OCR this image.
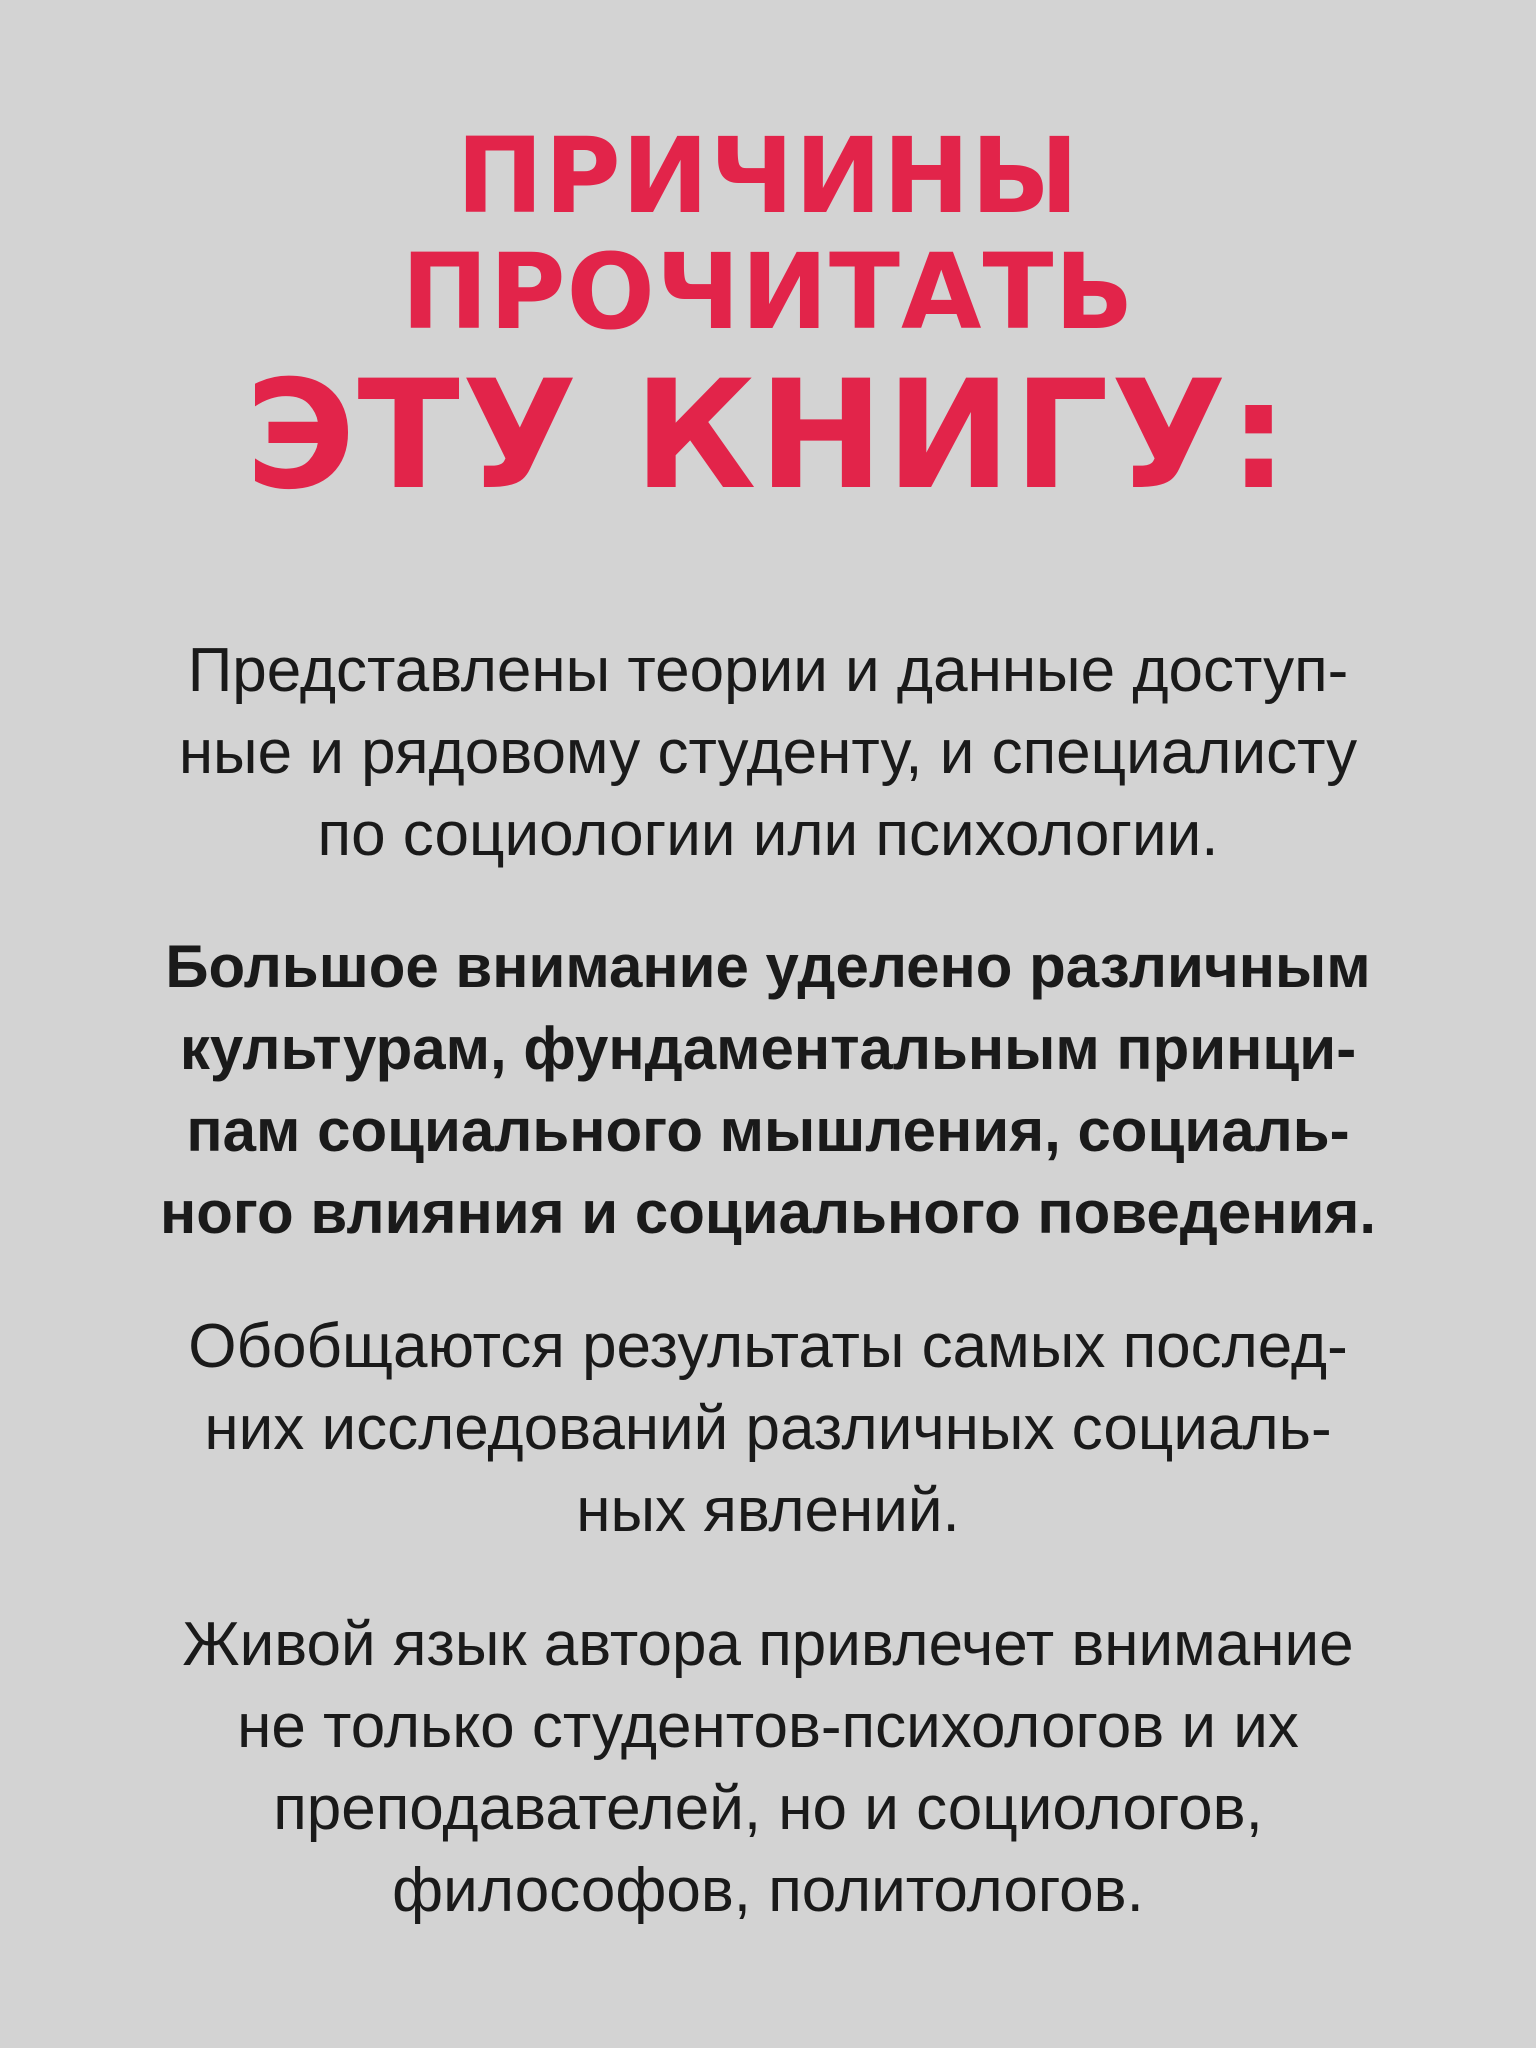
ПРИЧИНЫ ПРОЧИТАТЬ
ЭТУ КНИГУ:

Представлены теории и данные доступ-
ные и рядовому студенту, и специалисту
по социологии или психологии.

Большое внимание уделено различным
культурам, фундаментальным принци-
пам социального мышления, социаль-
ного влияния и социального поведения.

Обобщаются результаты самых послед-
них исследований различных социаль-
ных явлений.

Живой язык автора привлечет внимание
не только студентов-психологов и их
преподавателей, но и социологов,
философов, политологов.
